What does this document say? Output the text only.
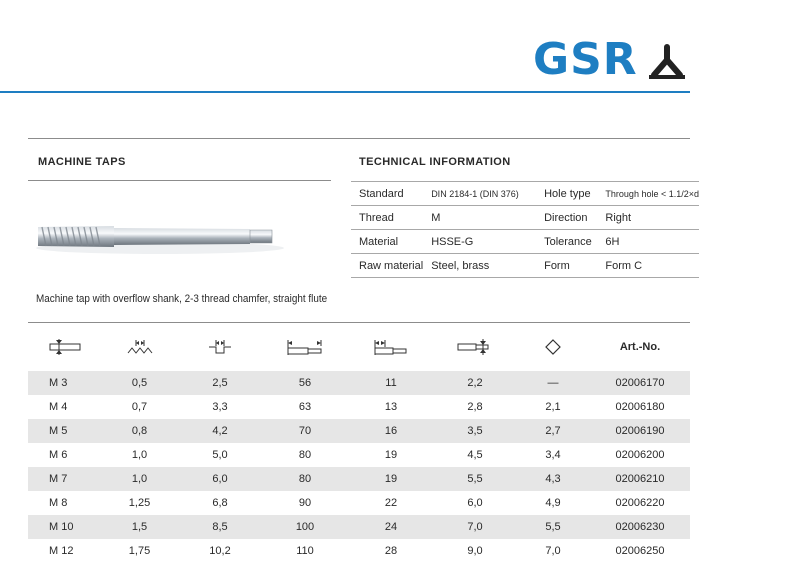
GSR
MACHINE TAPS	TECHNICAL INFORMATION
Machine tap with overflow shank, 2-3 thread chamfer, straight flute
Standard	DIN 2184-1 (DIN 376)	Hole type	Through hole < 1.1/2×d
Thread	M	Direction	Right
Material	HSSE-G	Tolerance	6H
Raw material	Steel, brass	Form	Form C
							Art.-No.
M 3	0,5	2,5	56	11	2,2	—	02006170
M 4	0,7	3,3	63	13	2,8	2,1	02006180
M 5	0,8	4,2	70	16	3,5	2,7	02006190
M 6	1,0	5,0	80	19	4,5	3,4	02006200
M 7	1,0	6,0	80	19	5,5	4,3	02006210
M 8	1,25	6,8	90	22	6,0	4,9	02006220
M 10	1,5	8,5	100	24	7,0	5,5	02006230
M 12	1,75	10,2	110	28	9,0	7,0	02006250
